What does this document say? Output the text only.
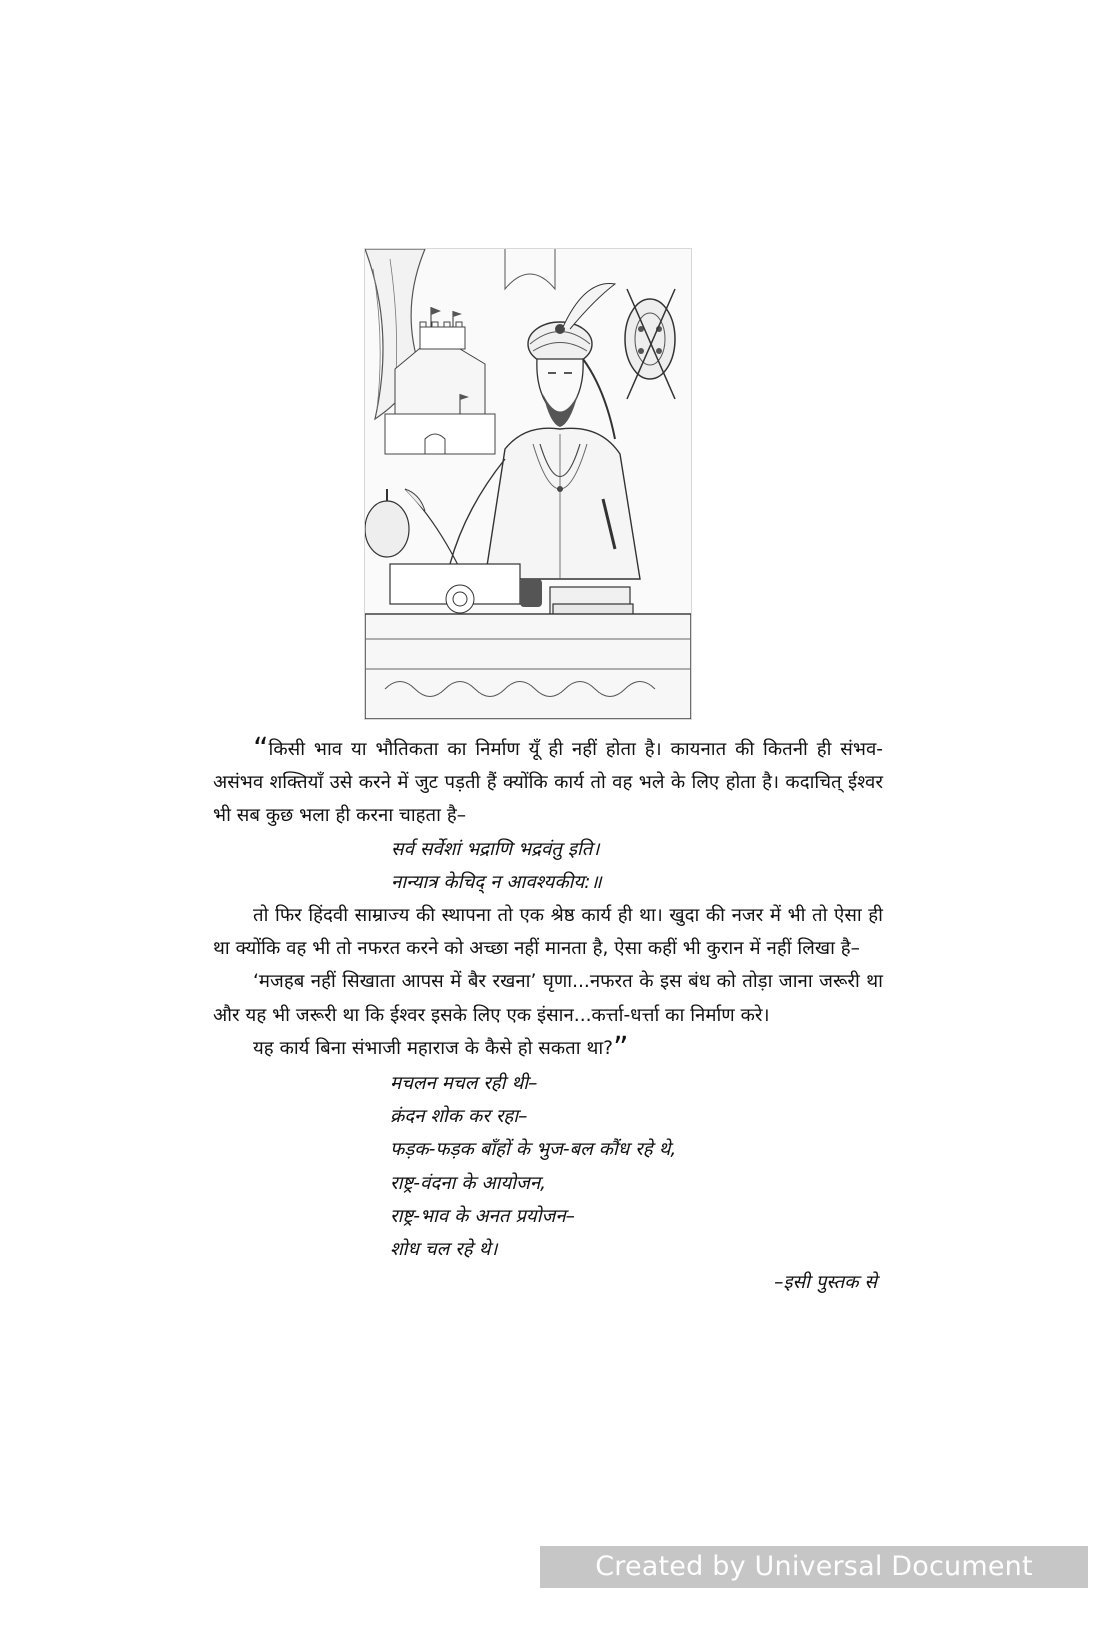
“किसी भाव या भौतिकता का निर्माण यूँ ही नहीं होता है। कायनात की कितनी ही संभव-असंभव शक्तियाँ उसे करने में जुट पड़ती हैं क्योंकि कार्य तो वह भले के लिए होता है। कदाचित् ईश्वर भी सब कुछ भला ही करना चाहता है–

सर्व सर्वेशां भद्राणि भद्रवंतु इति।

नान्यात्र केचिद् न आवश्यकीय:॥

तो फिर हिंदवी साम्राज्य की स्थापना तो एक श्रेष्ठ कार्य ही था। खुदा की नजर में भी तो ऐसा ही था क्योंकि वह भी तो नफरत करने को अच्छा नहीं मानता है, ऐसा कहीं भी कुरान में नहीं लिखा है–

‘मजहब नहीं सिखाता आपस में बैर रखना’ घृणा...नफरत के इस बंध को तोड़ा जाना जरूरी था और यह भी जरूरी था कि ईश्वर इसके लिए एक इंसान...कर्त्ता-धर्त्ता का निर्माण करे।

यह कार्य बिना संभाजी महाराज के कैसे हो सकता था?”

मचलन मचल रही थी–

क्रंदन शोक कर रहा–

फड़क-फड़क बाँहों के भुज-बल कौंध रहे थे,

राष्ट्र-वंदना के आयोजन,

राष्ट्र-भाव के अनत प्रयोजन–

शोध चल रहे थे।

–इसी पुस्तक से

Created by Universal Document Converter
